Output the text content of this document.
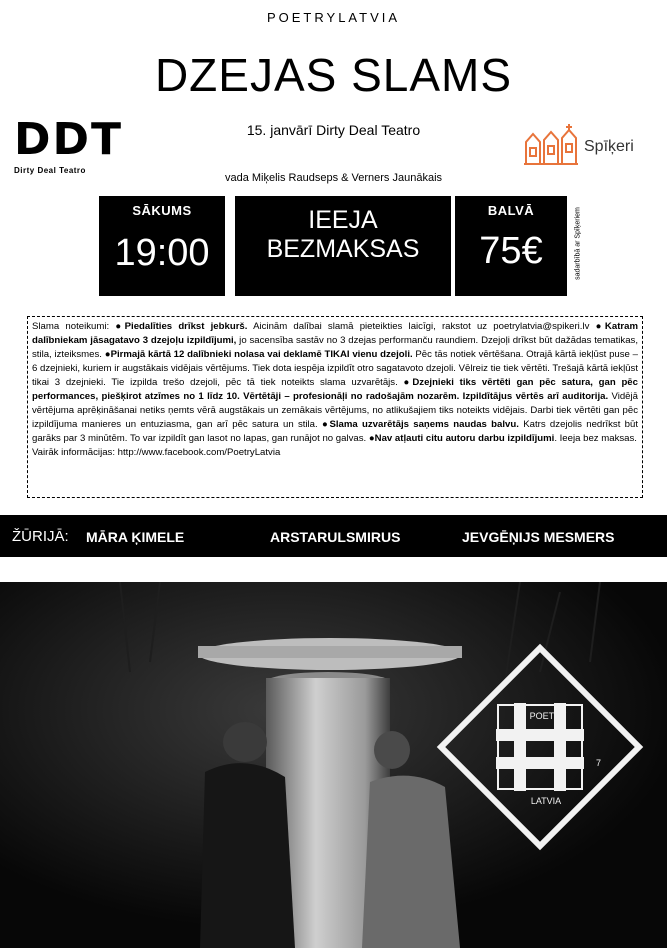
POETRYLATVIA
DZEJAS SLAMS
DDT
Dirty Deal Teatro
15. janvārī Dirty Deal Teatro
Spīķeri
vada Miķelis Raudseps & Verners Jaunākais
SĀKUMS
19:00
IEEJA
BEZMAKSAS
BALVĀ
75€	sadarbībā ar Spīķeriem
Slama noteikumi: ●Piedalīties drīkst jebkurš. Aicinām dalībai slamā pieteikties laicīgi, rakstot uz poetrylatvia@spikeri.lv ●Katram dalībniekam jāsagatavo 3 dzejoļu izpildījumi, jo sacensība sastāv no 3 dzejas performanču raundiem. Dzejoļi drīkst būt dažādas tematikas, stila, izteiksmes. ●Pirmajā kārtā 12 dalībnieki nolasa vai deklamē TIKAI vienu dzejoli. Pēc tās notiek vērtēšana. Otrajā kārtā iekļūst puse – 6 dzejnieki, kuriem ir augstākais vidējais vērtējums. Tiek dota iespēja izpildīt otro sagatavoto dzejoli. Vēlreiz tie tiek vērtēti. Trešajā kārtā iekļūst tikai 3 dzejnieki. Tie izpilda trešo dzejoli, pēc tā tiek noteikts slama uzvarētājs. ●Dzejnieki tiks vērtēti gan pēc satura, gan pēc performances, piešķirot atzīmes no 1 līdz 10. Vērtētāji – profesionāļi no radošajām nozarēm. Izpildītājus vērtēs arī auditorija. Vidējā vērtējuma aprēķināšanai netiks ņemts vērā augstākais un zemākais vērtējums, no atlikušajiem tiks noteikts vidējais. Darbi tiek vērtēti gan pēc izpildījuma manieres un entuziasma, gan arī pēc satura un stila. ●Slama uzvarētājs saņems naudas balvu. Katrs dzejolis nedrīkst būt garāks par 3 minūtēm. To var izpildīt gan lasot no lapas, gan runājot no galvas. ●Nav atļauti citu autoru darbu izpildījumi. Ieeja bez maksas.
Vairāk informācijas: http://www.facebook.com/PoetryLatvia
ŽŪRIJĀ: MĀRA ĶIMELE	ARSTARULSMIRUS	JEVGĒŅIJS MESMERS
POETRY
LATVIA
7
